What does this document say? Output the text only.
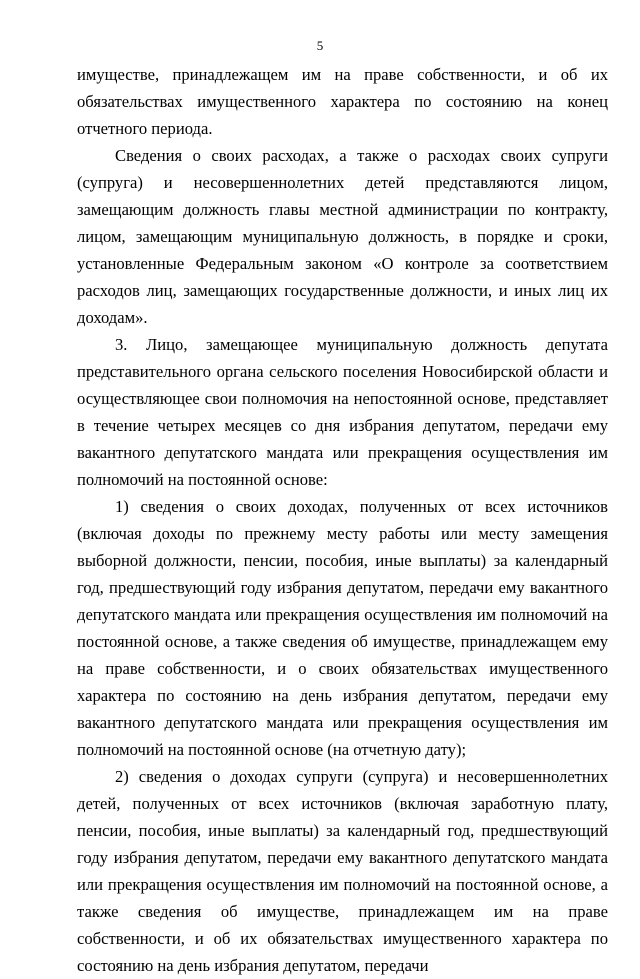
5

имуществе, принадлежащем им на праве собственности, и об их обязательствах имущественного характера по состоянию на конец отчетного периода.

Сведения о своих расходах, а также о расходах своих супруги (супруга) и несовершеннолетних детей представляются лицом, замещающим должность главы местной администрации по контракту, лицом, замещающим муниципальную должность, в порядке и сроки, установленные Федеральным законом «О контроле за соответствием расходов лиц, замещающих государственные должности, и иных лиц их доходам».

3. Лицо, замещающее муниципальную должность депутата представительного органа сельского поселения Новосибирской области и осуществляющее свои полномочия на непостоянной основе, представляет в течение четырех месяцев со дня избрания депутатом, передачи ему вакантного депутатского мандата или прекращения осуществления им полномочий на постоянной основе:

1) сведения о своих доходах, полученных от всех источников (включая доходы по прежнему месту работы или месту замещения выборной должности, пенсии, пособия, иные выплаты) за календарный год, предшествующий году избрания депутатом, передачи ему вакантного депутатского мандата или прекращения осуществления им полномочий на постоянной основе, а также сведения об имуществе, принадлежащем ему на праве собственности, и о своих обязательствах имущественного характера по состоянию на день избрания депутатом, передачи ему вакантного депутатского мандата или прекращения осуществления им полномочий на постоянной основе (на отчетную дату);

2) сведения о доходах супруги (супруга) и несовершеннолетних детей, полученных от всех источников (включая заработную плату, пенсии, пособия, иные выплаты) за календарный год, предшествующий году избрания депутатом, передачи ему вакантного депутатского мандата или прекращения осуществления им полномочий на постоянной основе, а также сведения об имуществе, принадлежащем им на праве собственности, и об их обязательствах имущественного характера по состоянию на день избрания депутатом, передачи
